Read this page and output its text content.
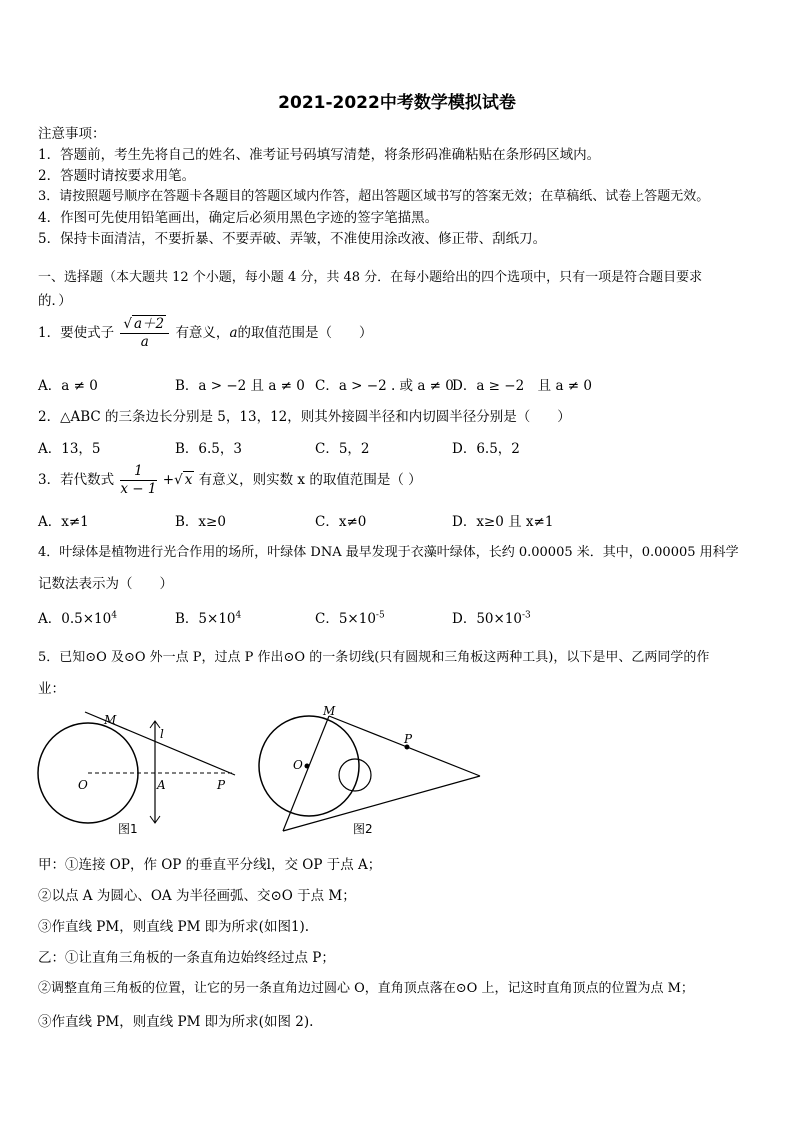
2021-2022中考数学模拟试卷
注意事项：
1．答题前，考生先将自己的姓名、准考证号码填写清楚，将条形码准确粘贴在条形码区域内。
2．答题时请按要求用笔。
3．请按照题号顺序在答题卡各题目的答题区域内作答，超出答题区域书写的答案无效；在草稿纸、试卷上答题无效。
4．作图可先使用铅笔画出，确定后必须用黑色字迹的签字笔描黑。
5．保持卡面清洁，不要折暴、不要弄破、弄皱，不准使用涂改液、修正带、刮纸刀。
一、选择题（本大题共 12 个小题，每小题 4 分，共 48 分．在每小题给出的四个选项中，只有一项是符合题目要求
的．）
1．要使式子 $\frac{√ a+2}{a}$ 有意义，a的取值范围是（　　）
A．a ≠ 0	B．a > −2 且 a ≠ 0 C．a > −2 . 或 a ≠ 0
D．a ≥ −2　且 a ≠ 0
2．△ABC 的三条边长分别是 5，13，12，则其外接圆半径和内切圆半径分别是（　　）
A．13，5	B．6.5，3	C．5，2	D．6.5，2
3．若代数式 $\frac{1}{x - 1}$ +√ x 有意义，则实数 x 的取值范围是（ ）
A．x≠1	B．x≥0	C．x≠0	D．x≥0 且 x≠1
4．叶绿体是植物进行光合作用的场所，叶绿体 DNA 最早发现于衣藻叶绿体，长约 0.00005 米．其中，0.00005 用科学
记数法表示为（　　）
A．$0.5\times 10^4$	B．$5\times 10^4$	C．$5\times 10^{-5}$	D．$50\times 10^{-3}$
5．已知⊙O 及⊙O 外一点 P，过点 P 作出⊙O 的一条切线(只有圆规和三角板这两种工具)，以下是甲、乙两同学的作
业：
M
l
O	A	P
图1
M
O
P
图2
甲：①连接 OP，作 OP 的垂直平分线l，交 OP 于点 A；
②以点 A 为圆心、OA 为半径画弧、交⊙O 于点 M；
③作直线 PM，则直线 PM 即为所求(如图1).
乙：①让直角三角板的一条直角边始终经过点 P；
②调整直角三角板的位置，让它的另一条直角边过圆心 O，直角顶点落在⊙O 上，记这时直角顶点的位置为点 M；
③作直线 PM，则直线 PM 即为所求(如图 2).
